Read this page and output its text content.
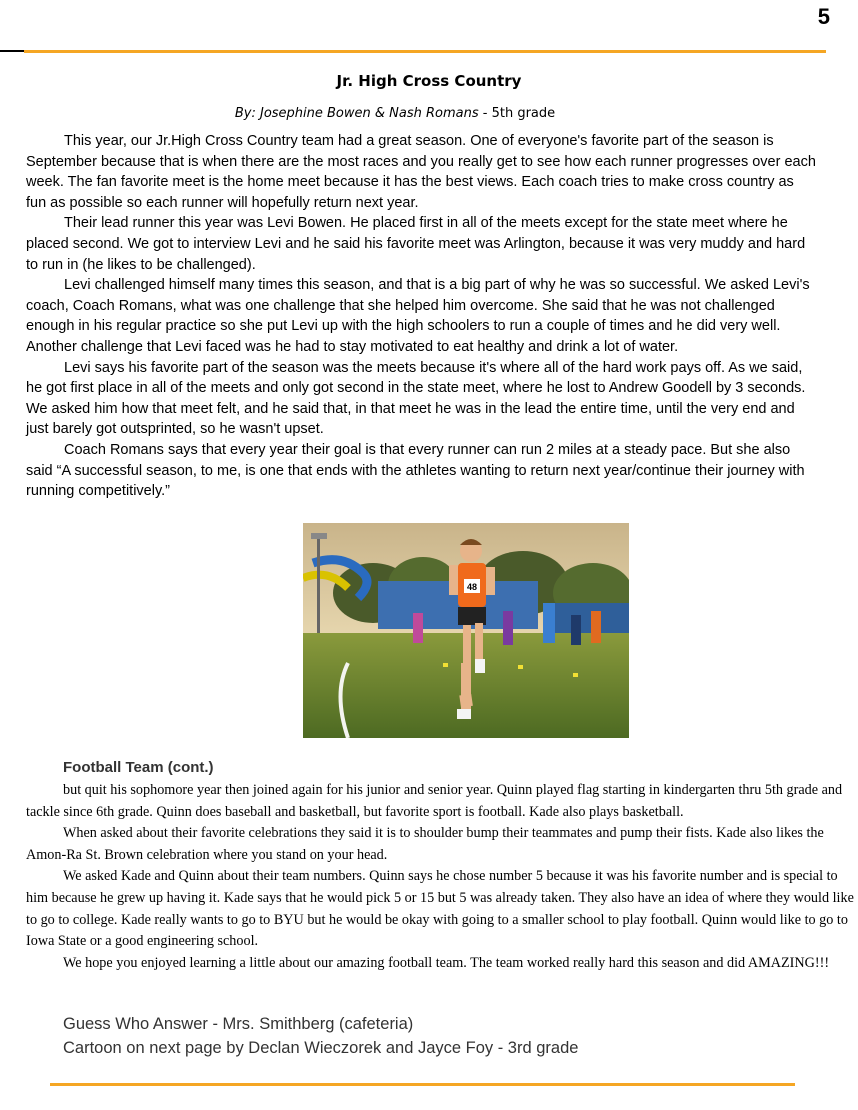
5
Jr. High Cross Country
By: Josephine Bowen & Nash Romans - 5th grade

This year, our Jr.High Cross Country team had a great season. One of everyone's favorite part of the season is September because that is when there are the most races and you really get to see how each runner progresses over each week. The fan favorite meet is the home meet because it has the best views. Each coach tries to make cross country as fun as possible so each runner will hopefully return next year.

Their lead runner this year was Levi Bowen. He placed first in all of the meets except for the state meet where he placed second. We got to interview Levi and he said his favorite meet was Arlington, because it was very muddy and hard to run in (he likes to be challenged).

Levi challenged himself many times this season, and that is a big part of why he was so successful. We asked Levi's coach, Coach Romans, what was one challenge that she helped him overcome. She said that he was not challenged enough in his regular practice so she put Levi up with the high schoolers to run a couple of times and he did very well. Another challenge that Levi faced was he had to stay motivated to eat healthy and drink a lot of water.

Levi says his favorite part of the season was the meets because it's where all of the hard work pays off. As we said, he got first place in all of the meets and only got second in the state meet, where he lost to Andrew Goodell by 3 seconds. We asked him how that meet felt, and he said that, in that meet he was in the lead the entire time, until the very end and just barely got outsprinted, so he wasn't upset.

Coach Romans says that every year their goal is that every runner can run 2 miles at a steady pace. But she also said “A successful season, to me, is one that ends with the athletes wanting to return next year/continue their journey with running competitively.”

48
Football Team (cont.)

but quit his sophomore year then joined again for his junior and senior year. Quinn played flag starting in kindergarten thru 5th grade and tackle since 6th grade. Quinn does baseball and basketball, but favorite sport is football. Kade also plays basketball.

When asked about their favorite celebrations they said it is to shoulder bump their teammates and pump their fists. Kade also likes the Amon-Ra St. Brown celebration where you stand on your head.

We asked Kade and Quinn about their team numbers. Quinn says he chose number 5 because it was his favorite number and is special to him because he grew up having it. Kade says that he would pick 5 or 15 but 5 was already taken. They also have an idea of where they would like to go to college. Kade really wants to go to BYU but he would be okay with going to a smaller school to play football. Quinn would like to go to Iowa State or a good engineering school.

We hope you enjoyed learning a little about our amazing football team. The team worked really hard this season and did AMAZING!!!

Guess Who Answer - Mrs. Smithberg (cafeteria)
Cartoon on next page by Declan Wieczorek and Jayce Foy - 3rd grade
